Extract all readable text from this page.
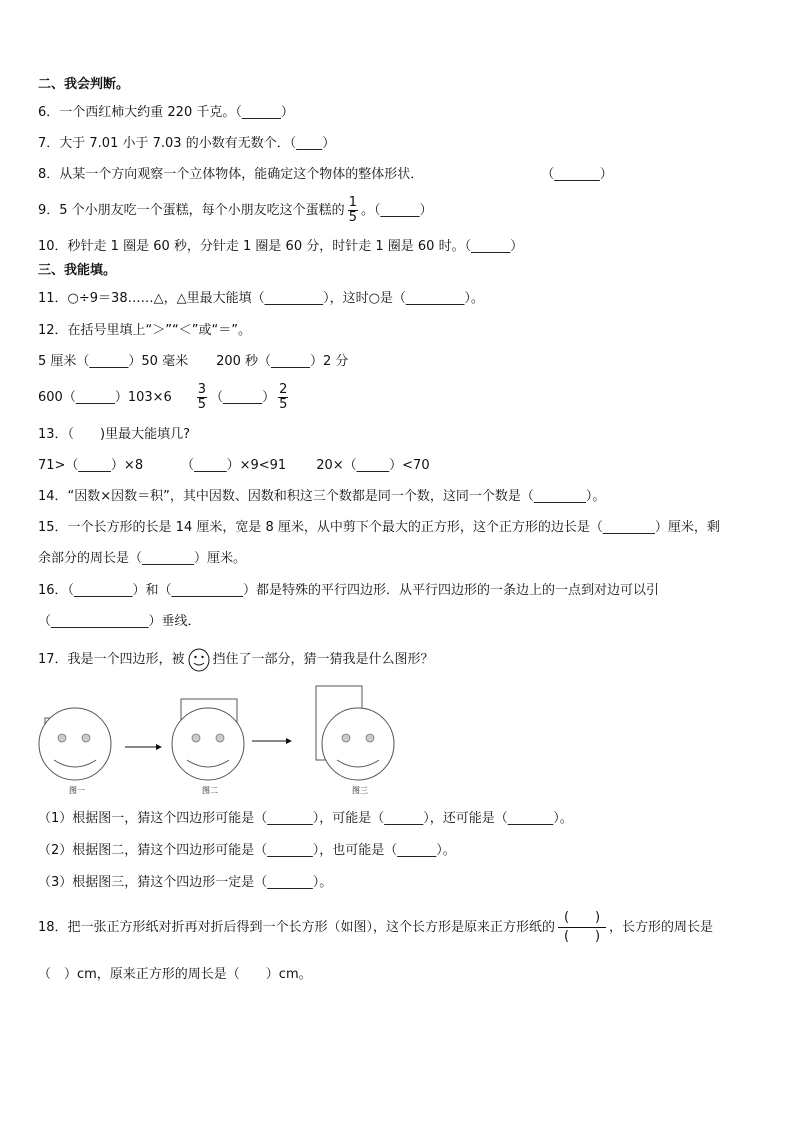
二、我会判断。
6．一个西红柿大约重 220 千克。（______）
7．大于 7.01 小于 7.03 的小数有无数个．（____）
8．从某一个方向观察一个立体物体，能确定这个物体的整体形状．	（_______）
9．5 个小朋友吃一个蛋糕，每个小朋友吃这个蛋糕的 $\frac{1}{5}$ 。（______）
10．秒针走 1 圈是 60 秒，分针走 1 圈是 60 分，时针走 1 圈是 60 时。（______）
三、我能填。
11．○÷9＝38……△，△里最大能填（_________），这时○是（_________）。
12．在括号里填上“＞”“＜”或“＝”。
5 厘米（______）50 毫米 200 秒（______）2 分
600（______）103×6 $\frac{3}{5}$ （______） $\frac{2}{5}$
13．（　　)里最大能填几?
71>（_____）×8	（_____）×9<91 20×（_____）<70
14．“因数×因数＝积”，其中因数、因数和积这三个数都是同一个数，这同一个数是（________）。
15．一个长方形的长是 14 厘米，宽是 8 厘米，从中剪下个最大的正方形，这个正方形的边长是（________）厘米，剩
余部分的周长是（________）厘米。
16．（_________）和（___________）都是特殊的平行四边形．从平行四边形的一条边上的一点到对边可以引
（_______________）垂线．
17．我是一个四边形，被 挡住了一部分，猜一猜我是什么图形？
图一	图二	图三
（1）根据图一，猜这个四边形可能是（_______），可能是（______），还可能是（_______）。
（2）根据图二，猜这个四边形可能是（_______），也可能是（______）。
（3）根据图三，猜这个四边形一定是（_______）。
18．把一张正方形纸对折再对折后得到一个长方形（如图），这个长方形是原来正方形纸的 $\frac{( )}{( )}$ ，长方形的周长是
（　）cm，原来正方形的周长是（　　）cm。
